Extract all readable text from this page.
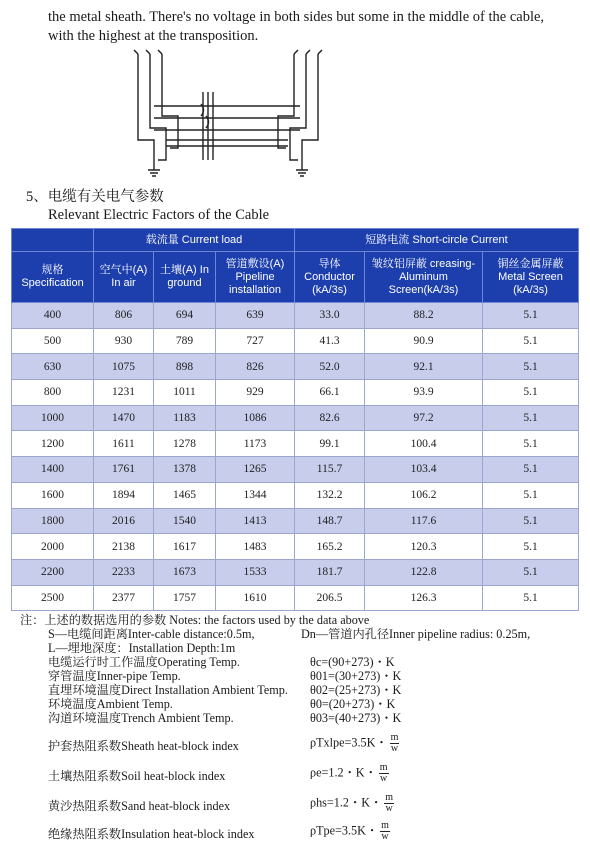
the metal sheath. There's no voltage in both sides but some in the middle of the cable,
with the highest at the transposition.
5、电缆有关电气参数
Relevant Electric Factors of the Cable
	载流量 Current load			短路电流 Short-circle Current		
规格 Specification	空气中(A) In air	土壤(A) In ground	管道敷设(A) Pipeline installation	导体 Conductor (kA/3s)	皱纹铝屏蔽 creasing- Aluminum Screen(kA/3s)	铜丝金属屏蔽 Metal Screen (kA/3s)
400	806	694	639	33.0	88.2	5.1
500	930	789	727	41.3	90.9	5.1
630	1075	898	826	52.0	92.1	5.1
800	1231	1011	929	66.1	93.9	5.1
1000	1470	1183	1086	82.6	97.2	5.1
1200	1611	1278	1173	99.1	100.4	5.1
1400	1761	1378	1265	115.7	103.4	5.1
1600	1894	1465	1344	132.2	106.2	5.1
1800	2016	1540	1413	148.7	117.6	5.1
2000	2138	1617	1483	165.2	120.3	5.1
2200	2233	1673	1533	181.7	122.8	5.1
2500	2377	1757	1610	206.5	126.3	5.1
注：上述的数据选用的参数 Notes: the factors used by the data above
S—电缆间距离Inter-cable distance:0.5m,	Dn—管道内孔径Inner pipeline radius: 0.25m,
L—埋地深度：Installation Depth:1m
电缆运行时工作温度Operating Temp.	θc=(90+273)・K
穿管温度Inner-pipe Temp.	θ01=(30+273)・K
直埋环境温度Direct Installation Ambient Temp. θ02=(25+273)・K
环境温度Ambient Temp.	θ0=(20+273)・K
沟道环境温度Trench Ambient Temp.	θ03=(40+273)・K
护套热阻系数Sheath heat-block index	ρTxlpe=3.5K・ $\frac{m}{w}$
土壤热阻系数Soil heat-block index	ρe=1.2・K・ $\frac{m}{w}$
黄沙热阻系数Sand heat-block index	ρhs=1.2・K・ $\frac{m}{w}$
绝缘热阻系数Insulation heat-block index	ρTpe=3.5K・ $\frac{m}{w}$
